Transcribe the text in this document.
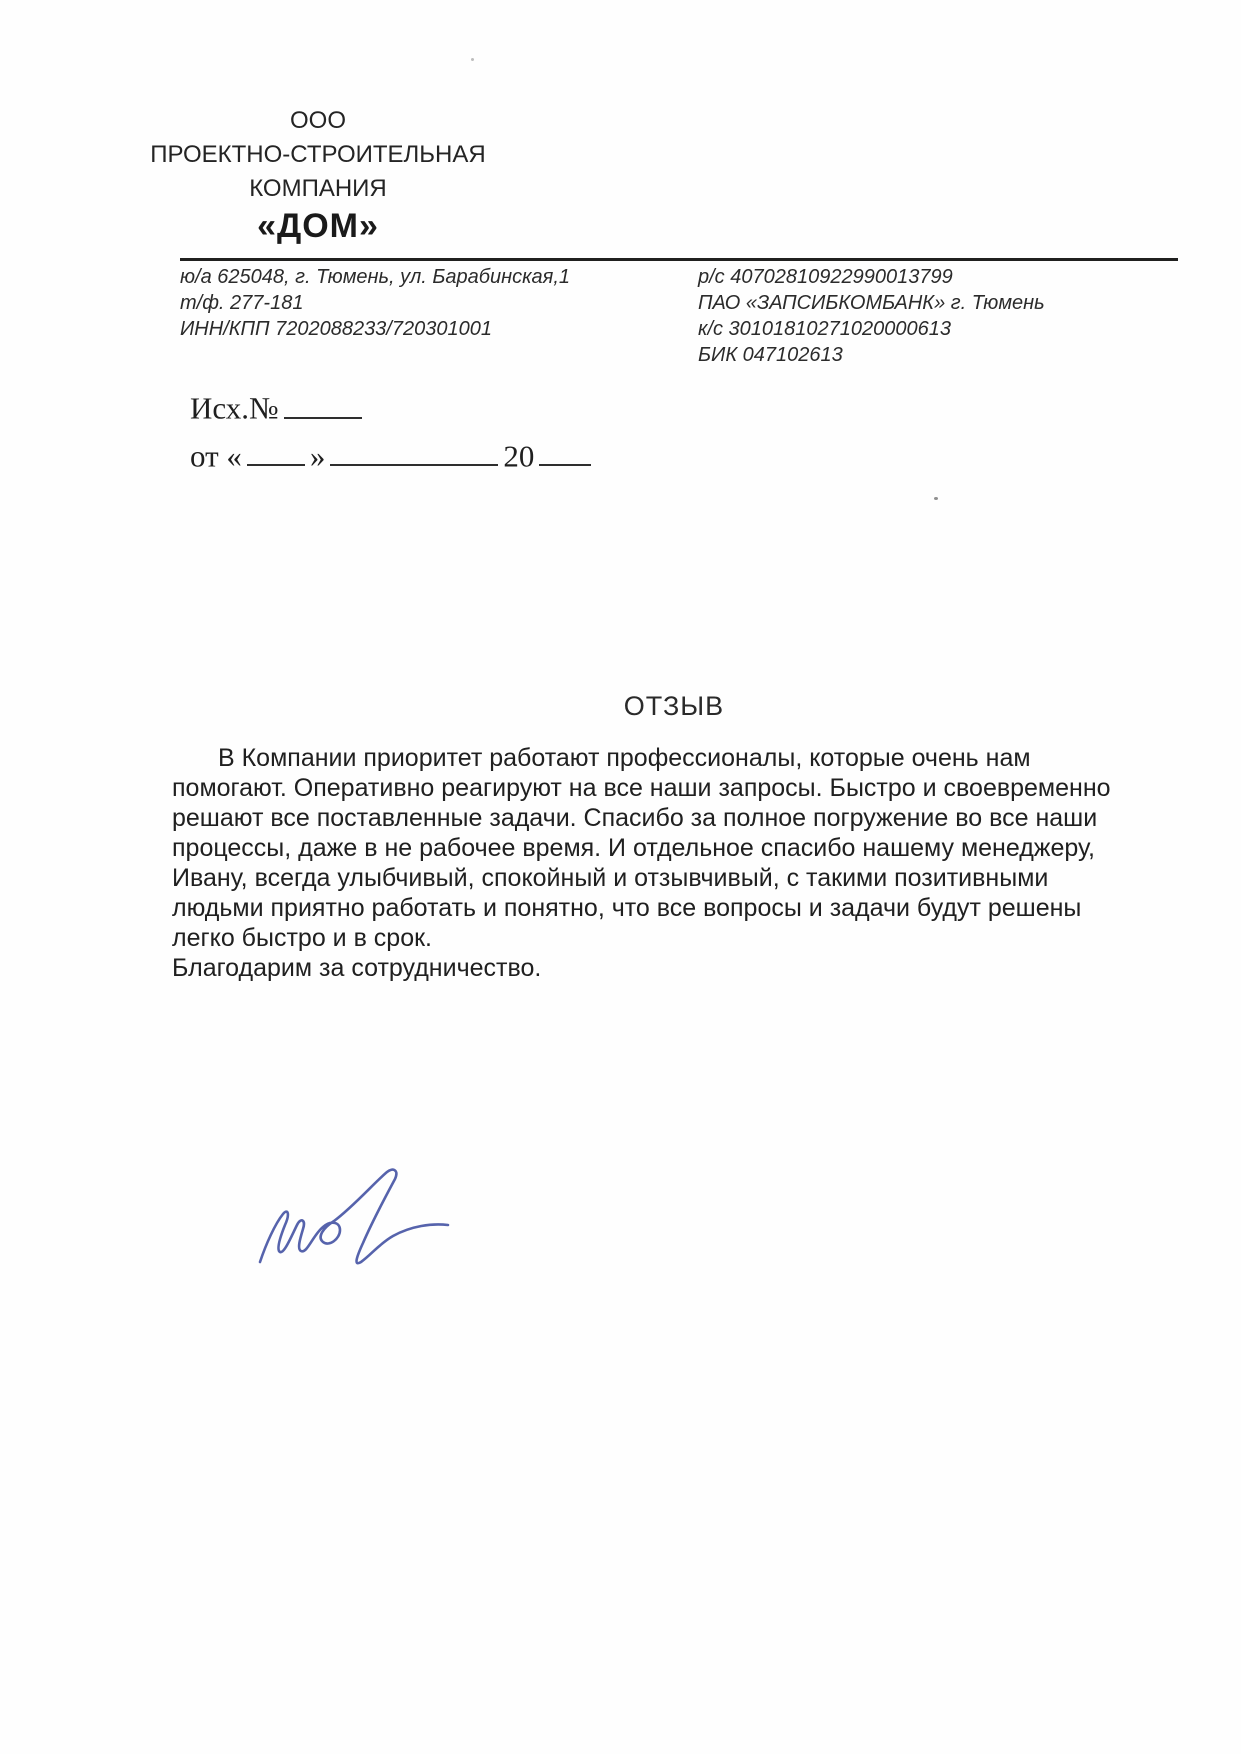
ООО
ПРОЕКТНО-СТРОИТЕЛЬНАЯ
КОМПАНИЯ
«ДОМ»
ю/а 625048, г. Тюмень, ул. Барабинская,1
т/ф. 277-181
ИНН/КПП 7202088233/720301001
р/с 40702810922990013799
ПАО «ЗАПСИБКОМБАНК» г. Тюмень
к/с 30101810271020000613
БИК 047102613
Исх.№
от « »	20
ОТЗЫВ
В Компании приоритет работают профессионалы, которые очень нам
помогают. Оперативно реагируют на все наши запросы. Быстро и своевременно
решают все поставленные задачи. Спасибо за полное погружение во все наши
процессы, даже в не рабочее время. И отдельное спасибо нашему менеджеру,
Ивану, всегда улыбчивый, спокойный и отзывчивый, с такими позитивными
людьми приятно работать и понятно, что все вопросы и задачи будут решены
легко быстро и в срок.
Благодарим за сотрудничество.
